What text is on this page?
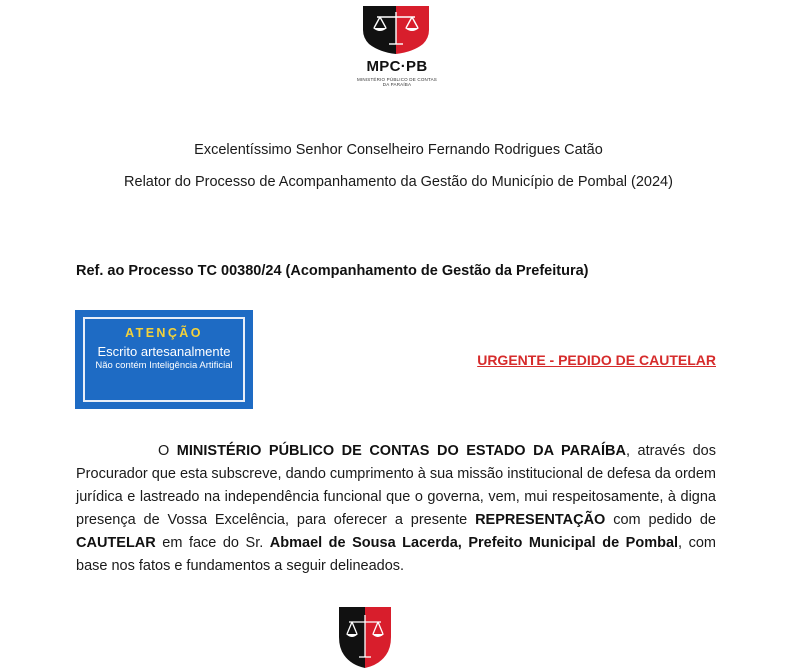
MPC·PB
MINISTÉRIO PÚBLICO DE CONTAS
DA PARAÍBA
Excelentíssimo Senhor Conselheiro Fernando Rodrigues Catão
Relator do Processo de Acompanhamento da Gestão do Município de Pombal (2024)
Ref. ao Processo TC 00380/24 (Acompanhamento de Gestão da Prefeitura)
ATENÇÃO
Escrito artesanalmente
Não contém Inteligência Artificial	URGENTE - PEDIDO DE CAUTELAR
O MINISTÉRIO PÚBLICO DE CONTAS DO ESTADO DA PARAÍBA, através dos Procurador que esta subscreve, dando cumprimento à sua missão institucional de defesa da ordem jurídica e lastreado na independência funcional que o governa, vem, mui respeitosamente, à digna presença de Vossa Excelência, para oferecer a presente REPRESENTAÇÃO com pedido de CAUTELAR em face do Sr. Abmael de Sousa Lacerda, Prefeito Municipal de Pombal, com base nos fatos e fundamentos a seguir delineados.
